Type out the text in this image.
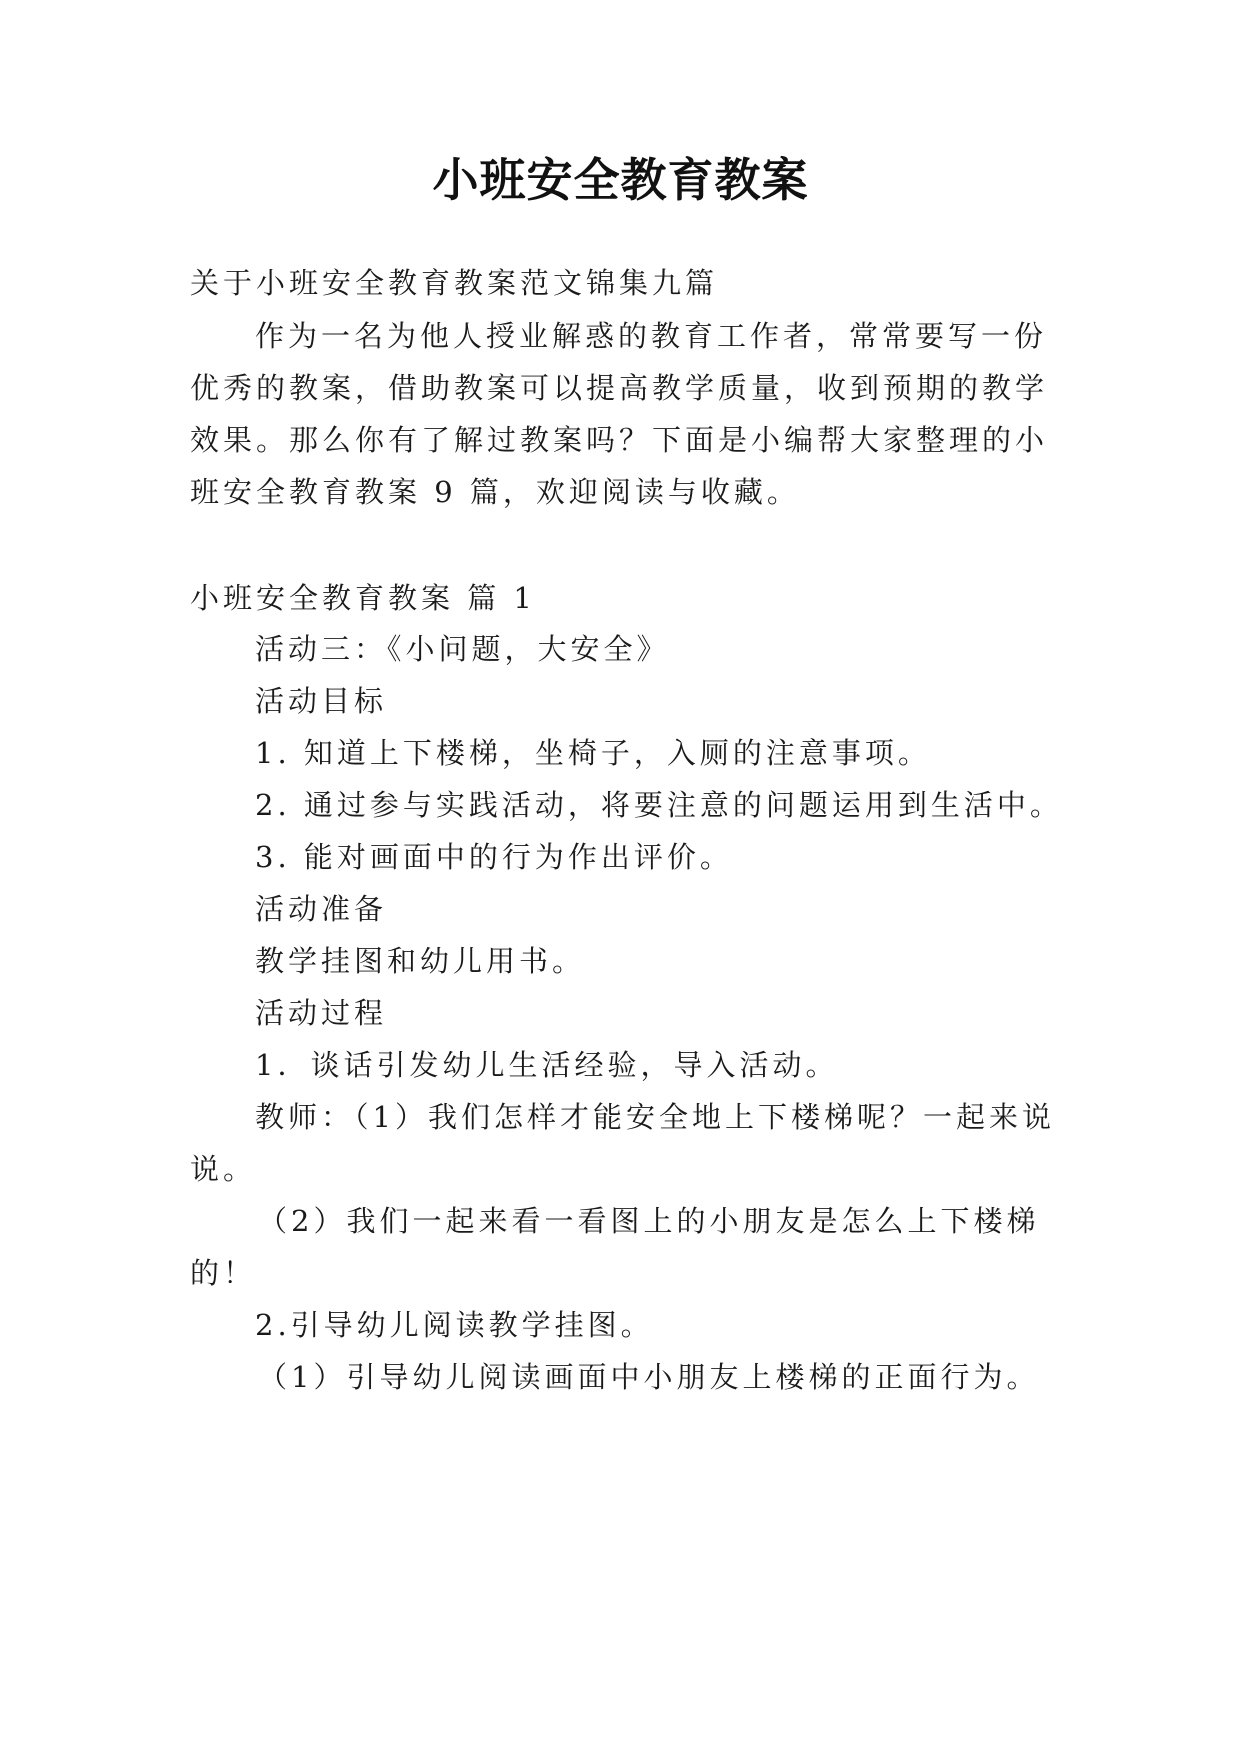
小班安全教育教案
关于小班安全教育教案范文锦集九篇
作为一名为他人授业解惑的教育工作者，常常要写一份
优秀的教案，借助教案可以提高教学质量，收到预期的教学
效果。那么你有了解过教案吗？下面是小编帮大家整理的小
班安全教育教案 9 篇，欢迎阅读与收藏。
小班安全教育教案 篇 1
活动三：《小问题，大安全》
活动目标
1. 知道上下楼梯，坐椅子，入厕的注意事项。
2. 通过参与实践活动，将要注意的问题运用到生活中。
3. 能对画面中的行为作出评价。
活动准备
教学挂图和幼儿用书。
活动过程
1．谈话引发幼儿生活经验，导入活动。
教师：（1）我们怎样才能安全地上下楼梯呢？一起来说
说。
（2）我们一起来看一看图上的小朋友是怎么上下楼梯
的！
2.引导幼儿阅读教学挂图。
（1）引导幼儿阅读画面中小朋友上楼梯的正面行为。
